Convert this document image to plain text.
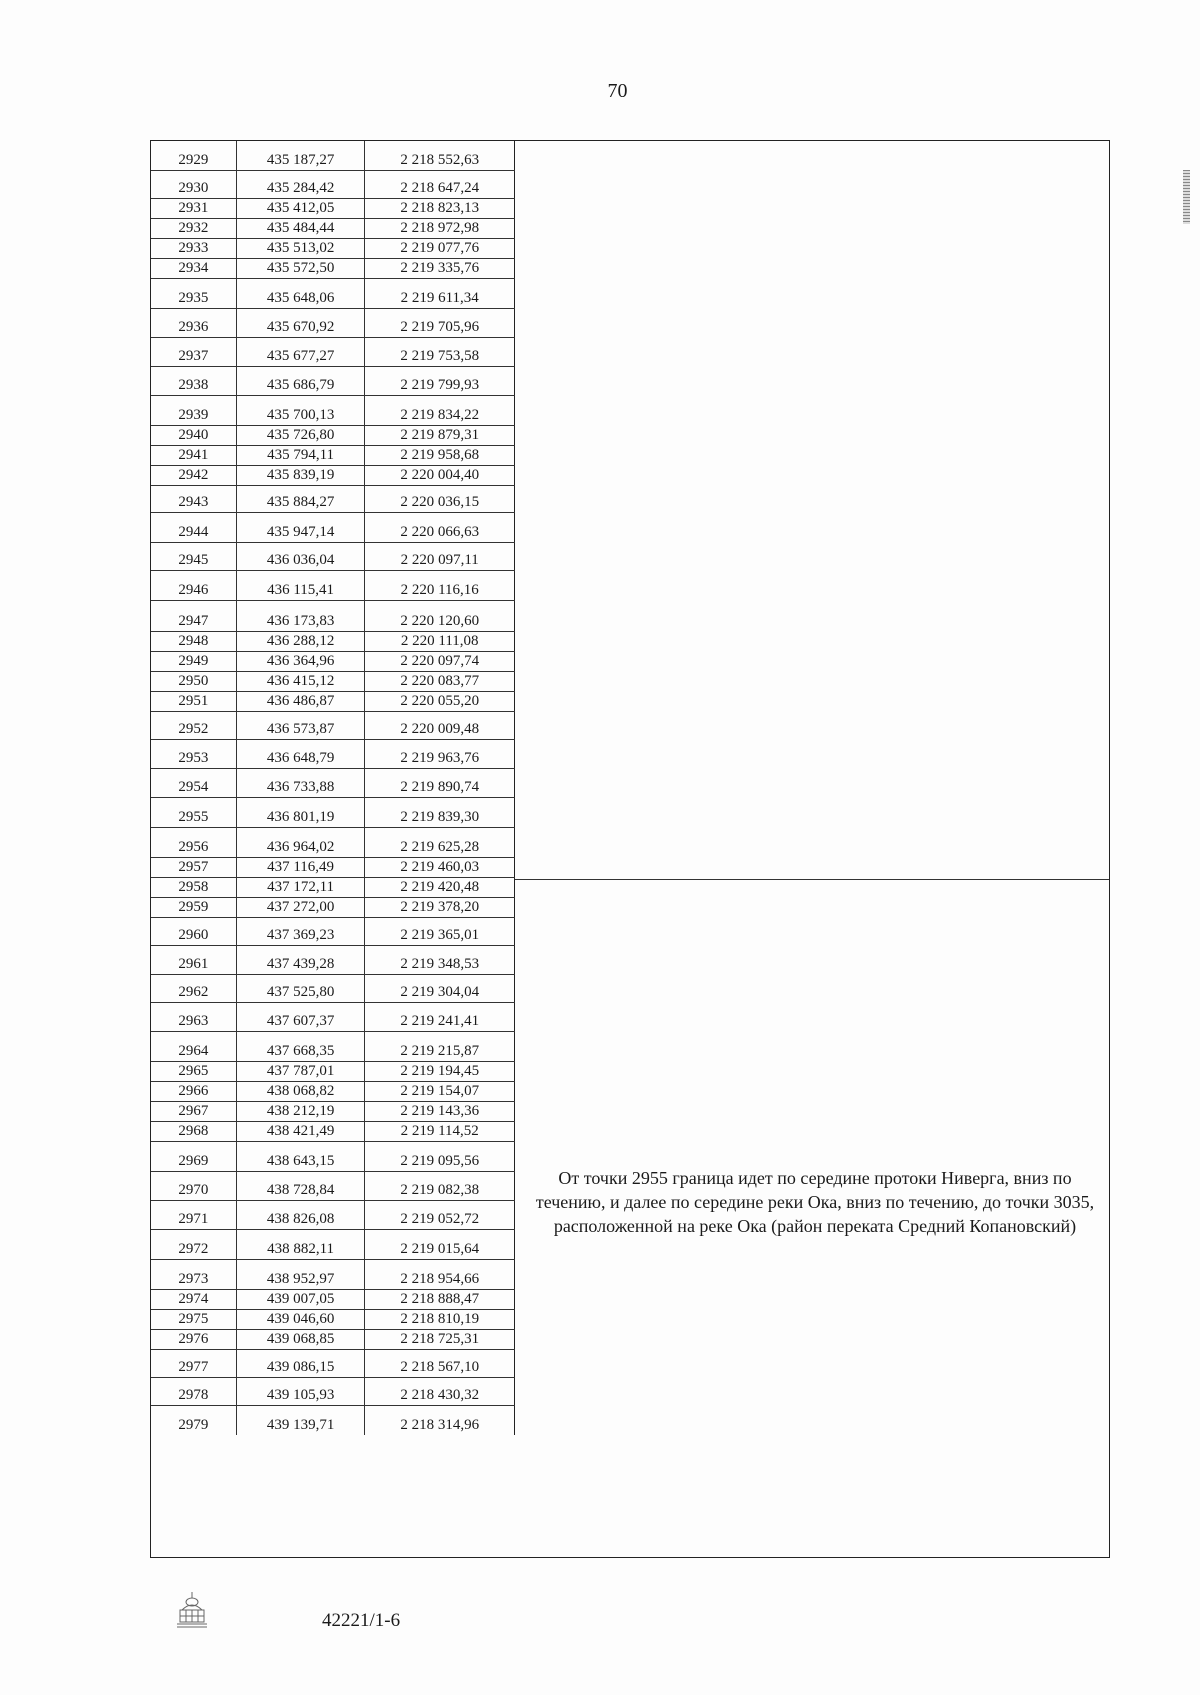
70
2929	435 187,27	2 218 552,63
2930	435 284,42	2 218 647,24
2931	435 412,05	2 218 823,13
2932	435 484,44	2 218 972,98
2933	435 513,02	2 219 077,76
2934	435 572,50	2 219 335,76
2935	435 648,06	2 219 611,34
2936	435 670,92	2 219 705,96
2937	435 677,27	2 219 753,58
2938	435 686,79	2 219 799,93
2939	435 700,13	2 219 834,22
2940	435 726,80	2 219 879,31
2941	435 794,11	2 219 958,68
2942	435 839,19	2 220 004,40
2943	435 884,27	2 220 036,15
2944	435 947,14	2 220 066,63
2945	436 036,04	2 220 097,11
2946	436 115,41	2 220 116,16
2947	436 173,83	2 220 120,60
2948	436 288,12	2 220 111,08
2949	436 364,96	2 220 097,74
2950	436 415,12	2 220 083,77
2951	436 486,87	2 220 055,20
2952	436 573,87	2 220 009,48
2953	436 648,79	2 219 963,76
2954	436 733,88	2 219 890,74
2955	436 801,19	2 219 839,30
2956	436 964,02	2 219 625,28
2957	437 116,49	2 219 460,03
2958	437 172,11	2 219 420,48
2959	437 272,00	2 219 378,20
2960	437 369,23	2 219 365,01
2961	437 439,28	2 219 348,53
2962	437 525,80	2 219 304,04
2963	437 607,37	2 219 241,41
2964	437 668,35	2 219 215,87
2965	437 787,01	2 219 194,45
2966	438 068,82	2 219 154,07
2967	438 212,19	2 219 143,36
2968	438 421,49	2 219 114,52
2969	438 643,15	2 219 095,56
2970	438 728,84	2 219 082,38
2971	438 826,08	2 219 052,72
2972	438 882,11	2 219 015,64
2973	438 952,97	2 218 954,66
2974	439 007,05	2 218 888,47
2975	439 046,60	2 218 810,19
2976	439 068,85	2 218 725,31
2977	439 086,15	2 218 567,10
2978	439 105,93	2 218 430,32
2979	439 139,71	2 218 314,96
От точки 2955 граница идет по середине протоки Ниверга, вниз по течению, и далее по середине реки Ока, вниз по течению, до точки 3035, расположенной на реке Ока (район переката Средний Копановский)
42221/1-6
